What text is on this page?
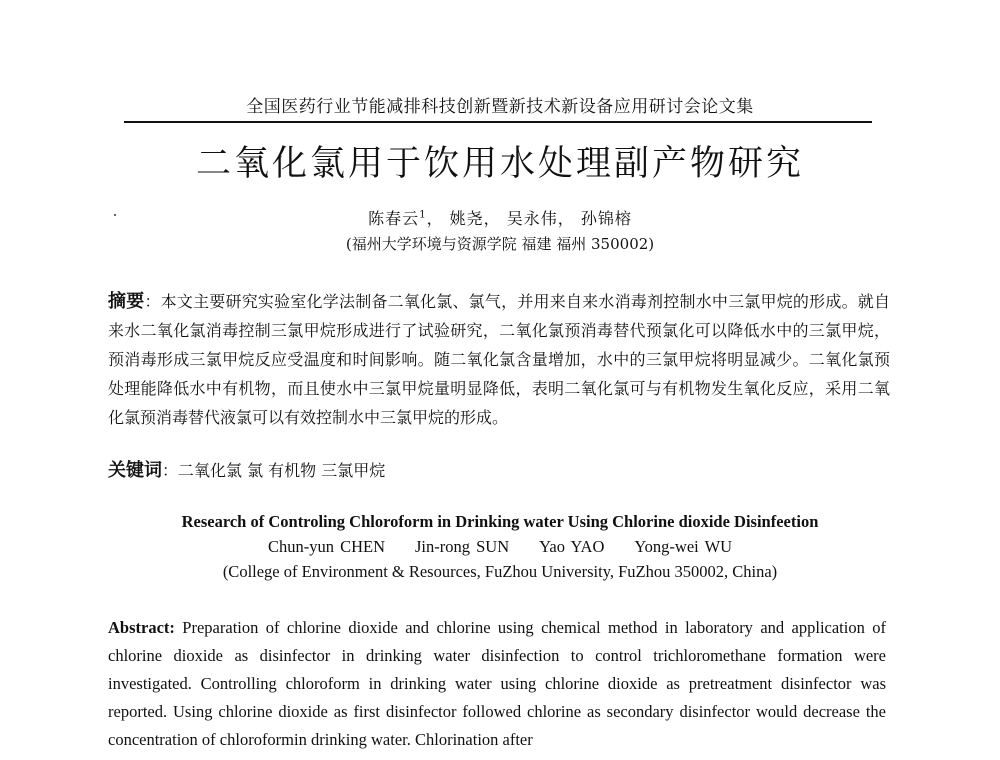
全国医药行业节能减排科技创新暨新技术新设备应用研讨会论文集
二氧化氯用于饮用水处理副产物研究
陈春云$^1$， 姚尧， 吴永伟， 孙锦榕
(福州大学环境与资源学院 福建 福州 350002)
摘要：本文主要研究实验室化学法制备二氧化氯、氯气，并用来自来水消毒剂控制水中三氯甲烷的形成。就自来水二氧化氯消毒控制三氯甲烷形成进行了试验研究，二氧化氯预消毒替代预氯化可以降低水中的三氯甲烷，预消毒形成三氯甲烷反应受温度和时间影响。随二氧化氯含量增加，水中的三氯甲烷将明显减少。二氧化氯预处理能降低水中有机物，而且使水中三氯甲烷量明显降低，表明二氧化氯可与有机物发生氧化反应，采用二氧化氯预消毒替代液氯可以有效控制水中三氯甲烷的形成。
关键词：二氧化氯 氯 有机物 三氯甲烷
Research of Controling Chloroform in Drinking water Using Chlorine dioxide Disinfeetion
Chun-yun CHEN Jin-rong SUN Yao YAO Yong-wei WU
(College of Environment & Resources, FuZhou University, FuZhou 350002, China)
Abstract: Preparation of chlorine dioxide and chlorine using chemical method in laboratory and application of chlorine dioxide as disinfector in drinking water disinfection to control trichloromethane formation were investigated. Controlling chloroform in drinking water using chlorine dioxide as pretreatment disinfector was reported. Using chlorine dioxide as first disinfector followed chlorine as secondary disinfector would decrease the concentration of chloroformin drinking water. Chlorination after
